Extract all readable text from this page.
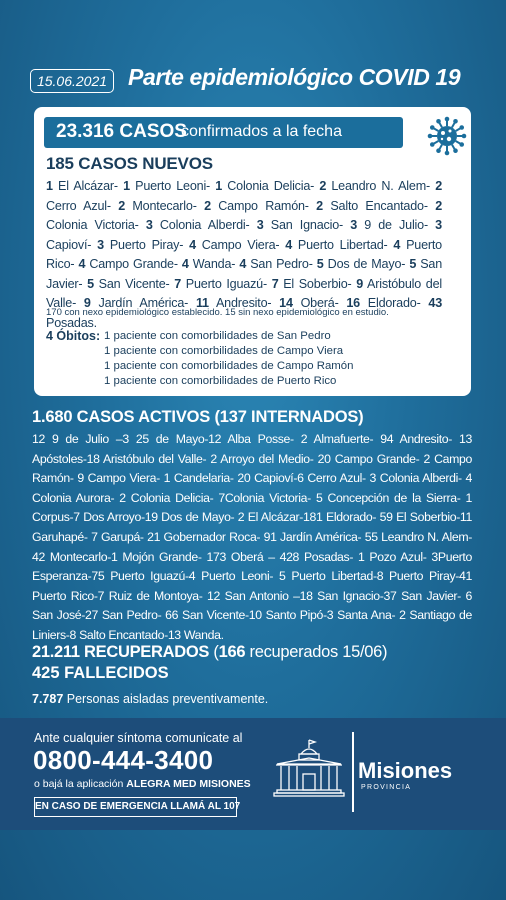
15.06.2021 Parte epidemiológico COVID 19
23.316 CASOS
confirmados a la fecha
185 CASOS NUEVOS
1 El Alcázar- 1 Puerto Leoni- 1 Colonia Delicia- 2 Leandro N. Alem- 2 Cerro Azul- 2 Montecarlo- 2 Campo Ramón- 2 Salto Encantado- 2 Colonia Victoria- 3 Colonia Alberdi- 3 San Ignacio- 3 9 de Julio- 3 Capioví- 3 Puerto Piray- 4 Campo Viera- 4 Puerto Libertad- 4 Puerto Rico- 4 Campo Grande- 4 Wanda- 4 San Pedro- 5 Dos de Mayo- 5 San Javier- 5 San Vicente- 7 Puerto Iguazú- 7 El Soberbio- 9 Aristóbulo del Valle- 9 Jardín América- 11 Andresito- 14 Oberá- 16 Eldorado- 43 Posadas.
170 con nexo epidemiológico establecido. 15 sin nexo epidemiológico en estudio.
4 Óbitos: 1 paciente con comorbilidades de San Pedro
1 paciente con comorbilidades de Campo Viera
1 paciente con comorbilidades de Campo Ramón
1 paciente con comorbilidades de Puerto Rico
1.680 CASOS ACTIVOS (137 INTERNADOS)
12 9 de Julio –3 25 de Mayo-12 Alba Posse- 2 Almafuerte- 94 Andresito- 13 Apóstoles-18 Aristóbulo del Valle- 2 Arroyo del Medio- 20 Campo Grande- 2 Campo Ramón- 9 Campo Viera- 1 Candelaria- 20 Capioví-6 Cerro Azul- 3 Colonia Alberdi- 4 Colonia Aurora- 2 Colonia Delicia- 7Colonia Victoria- 5 Concepción de la Sierra- 1 Corpus-7 Dos Arroyo-19 Dos de Mayo- 2 El Alcázar-181 Eldorado- 59 El Soberbio-11 Garuhapé- 7 Garupá- 21 Gobernador Roca- 91 Jardín América- 55 Leandro N. Alem- 42 Montecarlo-1 Mojón Grande- 173 Oberá – 428 Posadas- 1 Pozo Azul- 3Puerto Esperanza-75 Puerto Iguazú-4 Puerto Leoni- 5 Puerto Libertad-8 Puerto Piray-41 Puerto Rico-7 Ruiz de Montoya- 12 San Antonio –18 San Ignacio-37 San Javier- 6 San José-27 San Pedro- 66 San Vicente-10 Santo Pipó-3 Santa Ana- 2 Santiago de Liniers-8 Salto Encantado-13 Wanda.
21.211 RECUPERADOS (166 recuperados 15/06)
425 FALLECIDOS
7.787 Personas aisladas preventivamente.
Ante cualquier síntoma comunicate al
0800-444-3400
o bajá la aplicación ALEGRA MED MISIONES
EN CASO DE EMERGENCIA LLAMÁ AL 107
Misiones
PROVINCIA
